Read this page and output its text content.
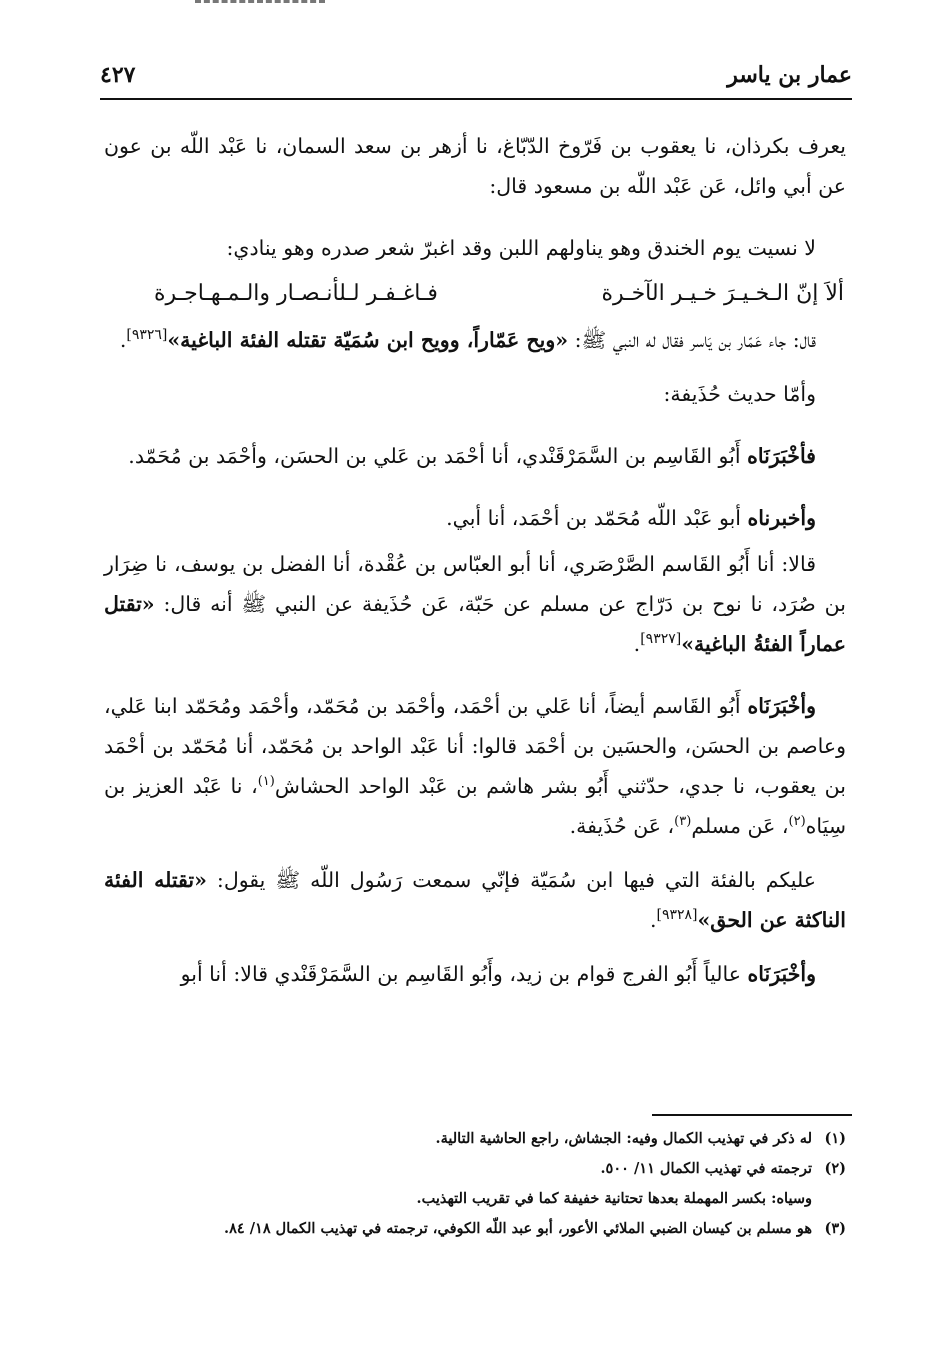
عمار بن ياسر
٤٢٧

يعرف بكرذان، نا يعقوب بن فَرّوخ الدّبّاغ، نا أزهر بن سعد السمان، نا عَبْد اللّه بن عون عن أبي وائل، عَن عَبْد اللّه بن مسعود قال:

لا نسيت يوم الخندق وهو يناولهم اللبن وقد اغبرّ شعر صدره وهو ينادي:

ألاَ إنّ الـخـيـرَ خـيـر الآخـرة
فـاغـفـر لـلأنـصـار والـمـهـاجـرة

قال: جاء عَمّار بن يَاسر فقال له النبي ﷺ: «ويح عَمّاراً، وويح ابن سُمَيّة تقتله الفئة الباغية»[٩٣٢٦].

وأمّا حديث حُذَيفة:

فأخْبَرَنَاه أَبُو القَاسِم بن السَّمَرْقَنْدي، أنا أحْمَد بن عَلي بن الحسَن، وأحْمَد بن مُحَمّد.

وأخبرناه أبو عَبْد اللّه مُحَمّد بن أحْمَد، أنا أبي.

قالا: أنا أَبُو القَاسم الصَّرْصَري، أنا أبو العبّاس بن عُقْدة، أنا الفضل بن يوسف، نا ضِرَار بن صُرَد، نا نوح بن دَرّاج عن مسلم عن حَبّة، عَن حُذَيفة عن النبي ﷺ أنه قال: «تقتل عماراً الفئةُ الباغية»[٩٣٢٧].

وأخْبَرَنَاه أَبُو القَاسم أيضاً، أنا عَلي بن أحْمَد، وأحْمَد بن مُحَمّد، وأحْمَد ومُحَمّد ابنا عَلي، وعاصم بن الحسَن، والحسَين بن أحْمَد قالوا: أنا عَبْد الواحد بن مُحَمّد، أنا مُحَمّد بن أحْمَد بن يعقوب، نا جدي، حدّثني أَبُو بشر هاشم بن عَبْد الواحد الحشاش$^{(١)}$، نا عَبْد العزيز بن سِيَاه$^{(٢)}$، عَن مسلم$^{(٣)}$، عَن حُذَيفة.

عليكم بالفئة التي فيها ابن سُمَيّة فإنّي سمعت رَسُول اللّه ﷺ يقول: «تقتله الفئة الناكثة عن الحق»[٩٣٢٨].

وأخْبَرَنَاه عالياً أَبُو الفرج قوام بن زيد، وأَبُو القَاسِم بن السَّمَرْقَنْدي قالا: أنا أبو

(١)
له ذكر في تهذيب الكمال وفيه: الجشاش، راجع الحاشية التالية.
(٢)
ترجمته في تهذيب الكمال ١١/ ٥٠٠.
وسياه: بكسر المهملة بعدها تحتانية خفيفة كما في تقريب التهذيب.
(٣)
هو مسلم بن كيسان الضبي الملائي الأعور، أبو عبد اللّه الكوفي، ترجمته في تهذيب الكمال ١٨/ ٨٤.
